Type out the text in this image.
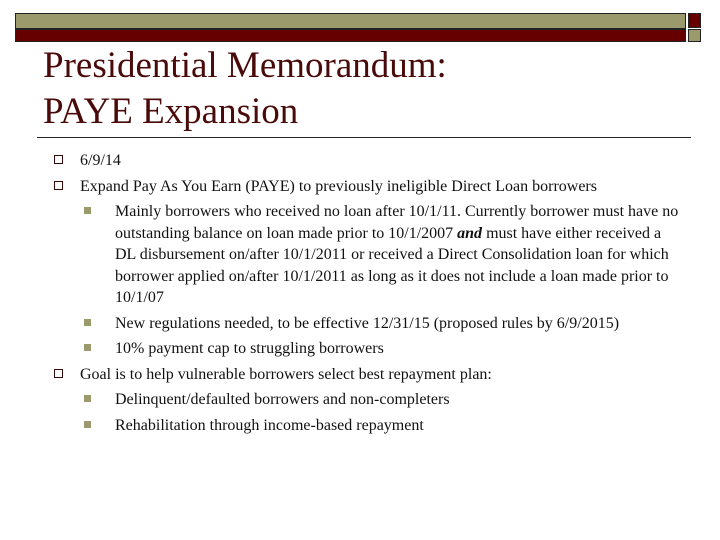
Presidential Memorandum:
PAYE Expansion
6/9/14
Expand Pay As You Earn (PAYE) to previously ineligible Direct Loan borrowers
Mainly borrowers who received no loan after 10/1/11. Currently borrower must have no outstanding balance on loan made prior to 10/1/2007 and must have either received a DL disbursement on/after 10/1/2011 or received a Direct Consolidation loan for which borrower applied on/after 10/1/2011 as long as it does not include a loan made prior to 10/1/07
New regulations needed, to be effective 12/31/15 (proposed rules by 6/9/2015)
10% payment cap to struggling borrowers
Goal is to help vulnerable borrowers select best repayment plan:
Delinquent/defaulted borrowers and non-completers
Rehabilitation through income-based repayment
